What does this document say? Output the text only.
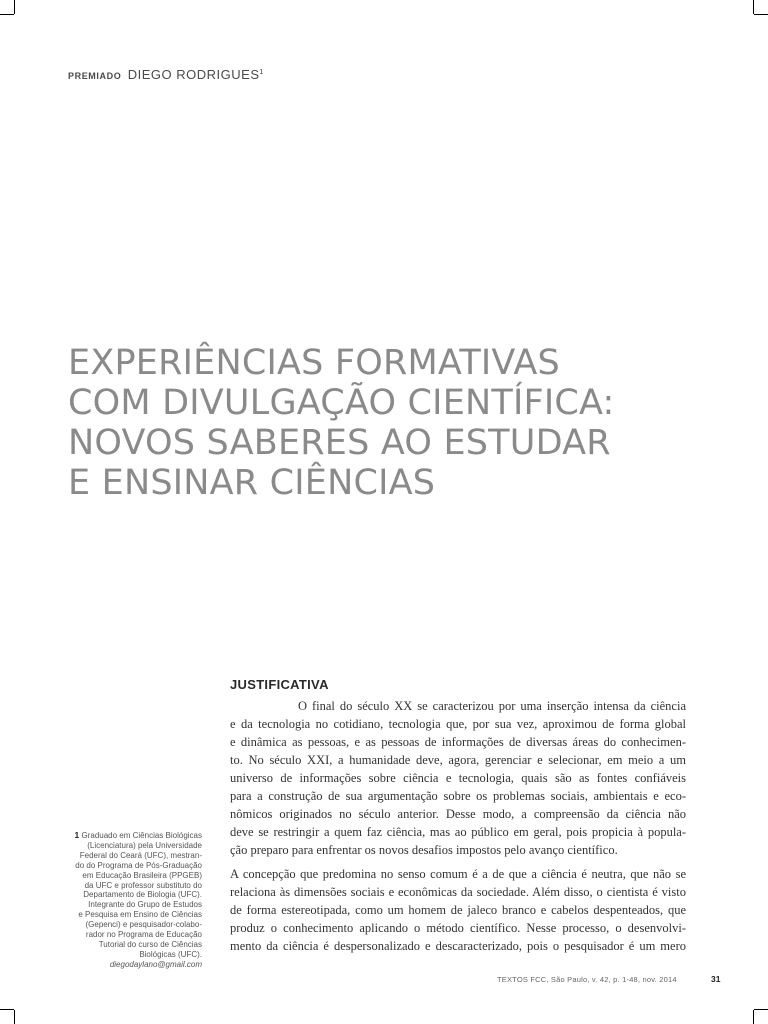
PREMIADO DIEGO RODRIGUES$^1$
EXPERIÊNCIAS FORMATIVAS
COM DIVULGAÇÃO CIENTÍFICA:
NOVOS SABERES AO ESTUDAR
E ENSINAR CIÊNCIAS
JUSTIFICATIVA

O final do século XX se caracterizou por uma inserção intensa da ciência
e da tecnologia no cotidiano, tecnologia que, por sua vez, aproximou de forma global
e dinâmica as pessoas, e as pessoas de informações de diversas áreas do conhecimen-
to. No século XXI, a humanidade deve, agora, gerenciar e selecionar, em meio a um
universo de informações sobre ciência e tecnologia, quais são as fontes confiáveis
para a construção de sua argumentação sobre os problemas sociais, ambientais e eco-
nômicos originados no século anterior. Desse modo, a compreensão da ciência não
deve se restringir a quem faz ciência, mas ao público em geral, pois propicia à popula-
ção preparo para enfrentar os novos desafios impostos pelo avanço científico.

A concepção que predomina no senso comum é a de que a ciência é neutra, que não se
relaciona às dimensões sociais e econômicas da sociedade. Além disso, o cientista é visto
de forma estereotipada, como um homem de jaleco branco e cabelos despenteados, que
produz o conhecimento aplicando o método científico. Nesse processo, o desenvolvi-
mento da ciência é despersonalizado e descaracterizado, pois o pesquisador é um mero

1 Graduado em Ciências Biológicas
(Licenciatura) pela Universidade
Federal do Ceará (UFC), mestran-
do do Programa de Pós-Graduação
em Educação Brasileira (PPGEB)
da UFC e professor substituto do
Departamento de Biologia (UFC).
Integrante do Grupo de Estudos
e Pesquisa em Ensino de Ciências
(Gepenci) e pesquisador-colabo-
rador no Programa de Educação
Tutorial do curso de Ciências
Biológicas (UFC).
diegodaylano@gmail.com
TEXTOS FCC, São Paulo, v. 42, p. 1-48, nov. 2014	31
